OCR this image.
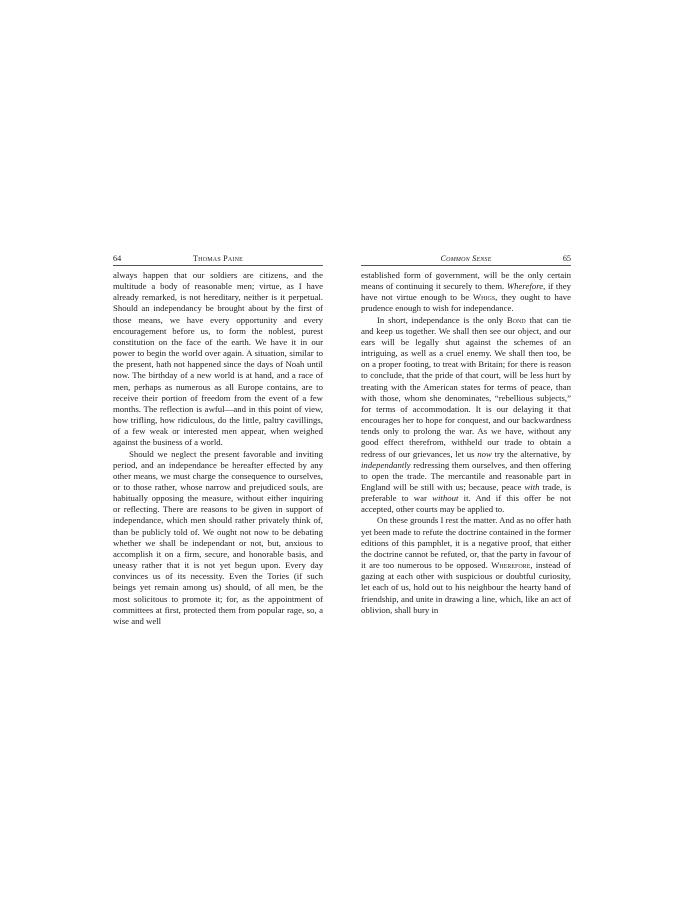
64	Thomas Paine

always happen that our soldiers are citizens, and the multitude a body of reasonable men; virtue, as I have already remarked, is not hereditary, neither is it perpetual. Should an independancy be brought about by the first of those means, we have every opportunity and every encouragement before us, to form the noblest, purest constitution on the face of the earth. We have it in our power to begin the world over again. A situation, similar to the present, hath not happened since the days of Noah until now. The birthday of a new world is at hand, and a race of men, perhaps as numerous as all Europe contains, are to receive their portion of freedom from the event of a few months. The reflection is awful—and in this point of view, how trifling, how ridiculous, do the little, paltry cavillings, of a few weak or interested men appear, when weighed against the business of a world.

Should we neglect the present favorable and inviting period, and an independance be hereafter effected by any other means, we must charge the consequence to ourselves, or to those rather, whose narrow and prejudiced souls, are habitually opposing the measure, without either inquiring or reflecting. There are reasons to be given in support of independance, which men should rather privately think of, than be publicly told of. We ought not now to be debating whether we shall be independant or not, but, anxious to accomplish it on a firm, secure, and honorable basis, and uneasy rather that it is not yet begun upon. Every day convinces us of its necessity. Even the Tories (if such beings yet remain among us) should, of all men, be the most solicitous to promote it; for, as the appointment of committees at first, protected them from popular rage, so, a wise and well

Common Sense	65

established form of government, will be the only certain means of continuing it securely to them. Wherefore, if they have not virtue enough to be Whigs, they ought to have prudence enough to wish for independance.

In short, independance is the only Bond that can tie and keep us together. We shall then see our object, and our ears will be legally shut against the schemes of an intriguing, as well as a cruel enemy. We shall then too, be on a proper footing, to treat with Britain; for there is reason to conclude, that the pride of that court, will be less hurt by treating with the American states for terms of peace, than with those, whom she denominates, “rebellious subjects,” for terms of accommodation. It is our delaying it that encourages her to hope for conquest, and our backwardness tends only to prolong the war. As we have, without any good effect therefrom, withheld our trade to obtain a redress of our grievances, let us now try the alternative, by independantly redressing them ourselves, and then offering to open the trade. The mercantile and reasonable part in England will be still with us; because, peace with trade, is preferable to war without it. And if this offer be not accepted, other courts may be applied to.

On these grounds I rest the matter. And as no offer hath yet been made to refute the doctrine contained in the former editions of this pamphlet, it is a negative proof, that either the doctrine cannot be refuted, or, that the party in favour of it are too numerous to be opposed. Wherefore, instead of gazing at each other with suspicious or doubtful curiosity, let each of us, hold out to his neighbour the hearty hand of friendship, and unite in drawing a line, which, like an act of oblivion, shall bury in
